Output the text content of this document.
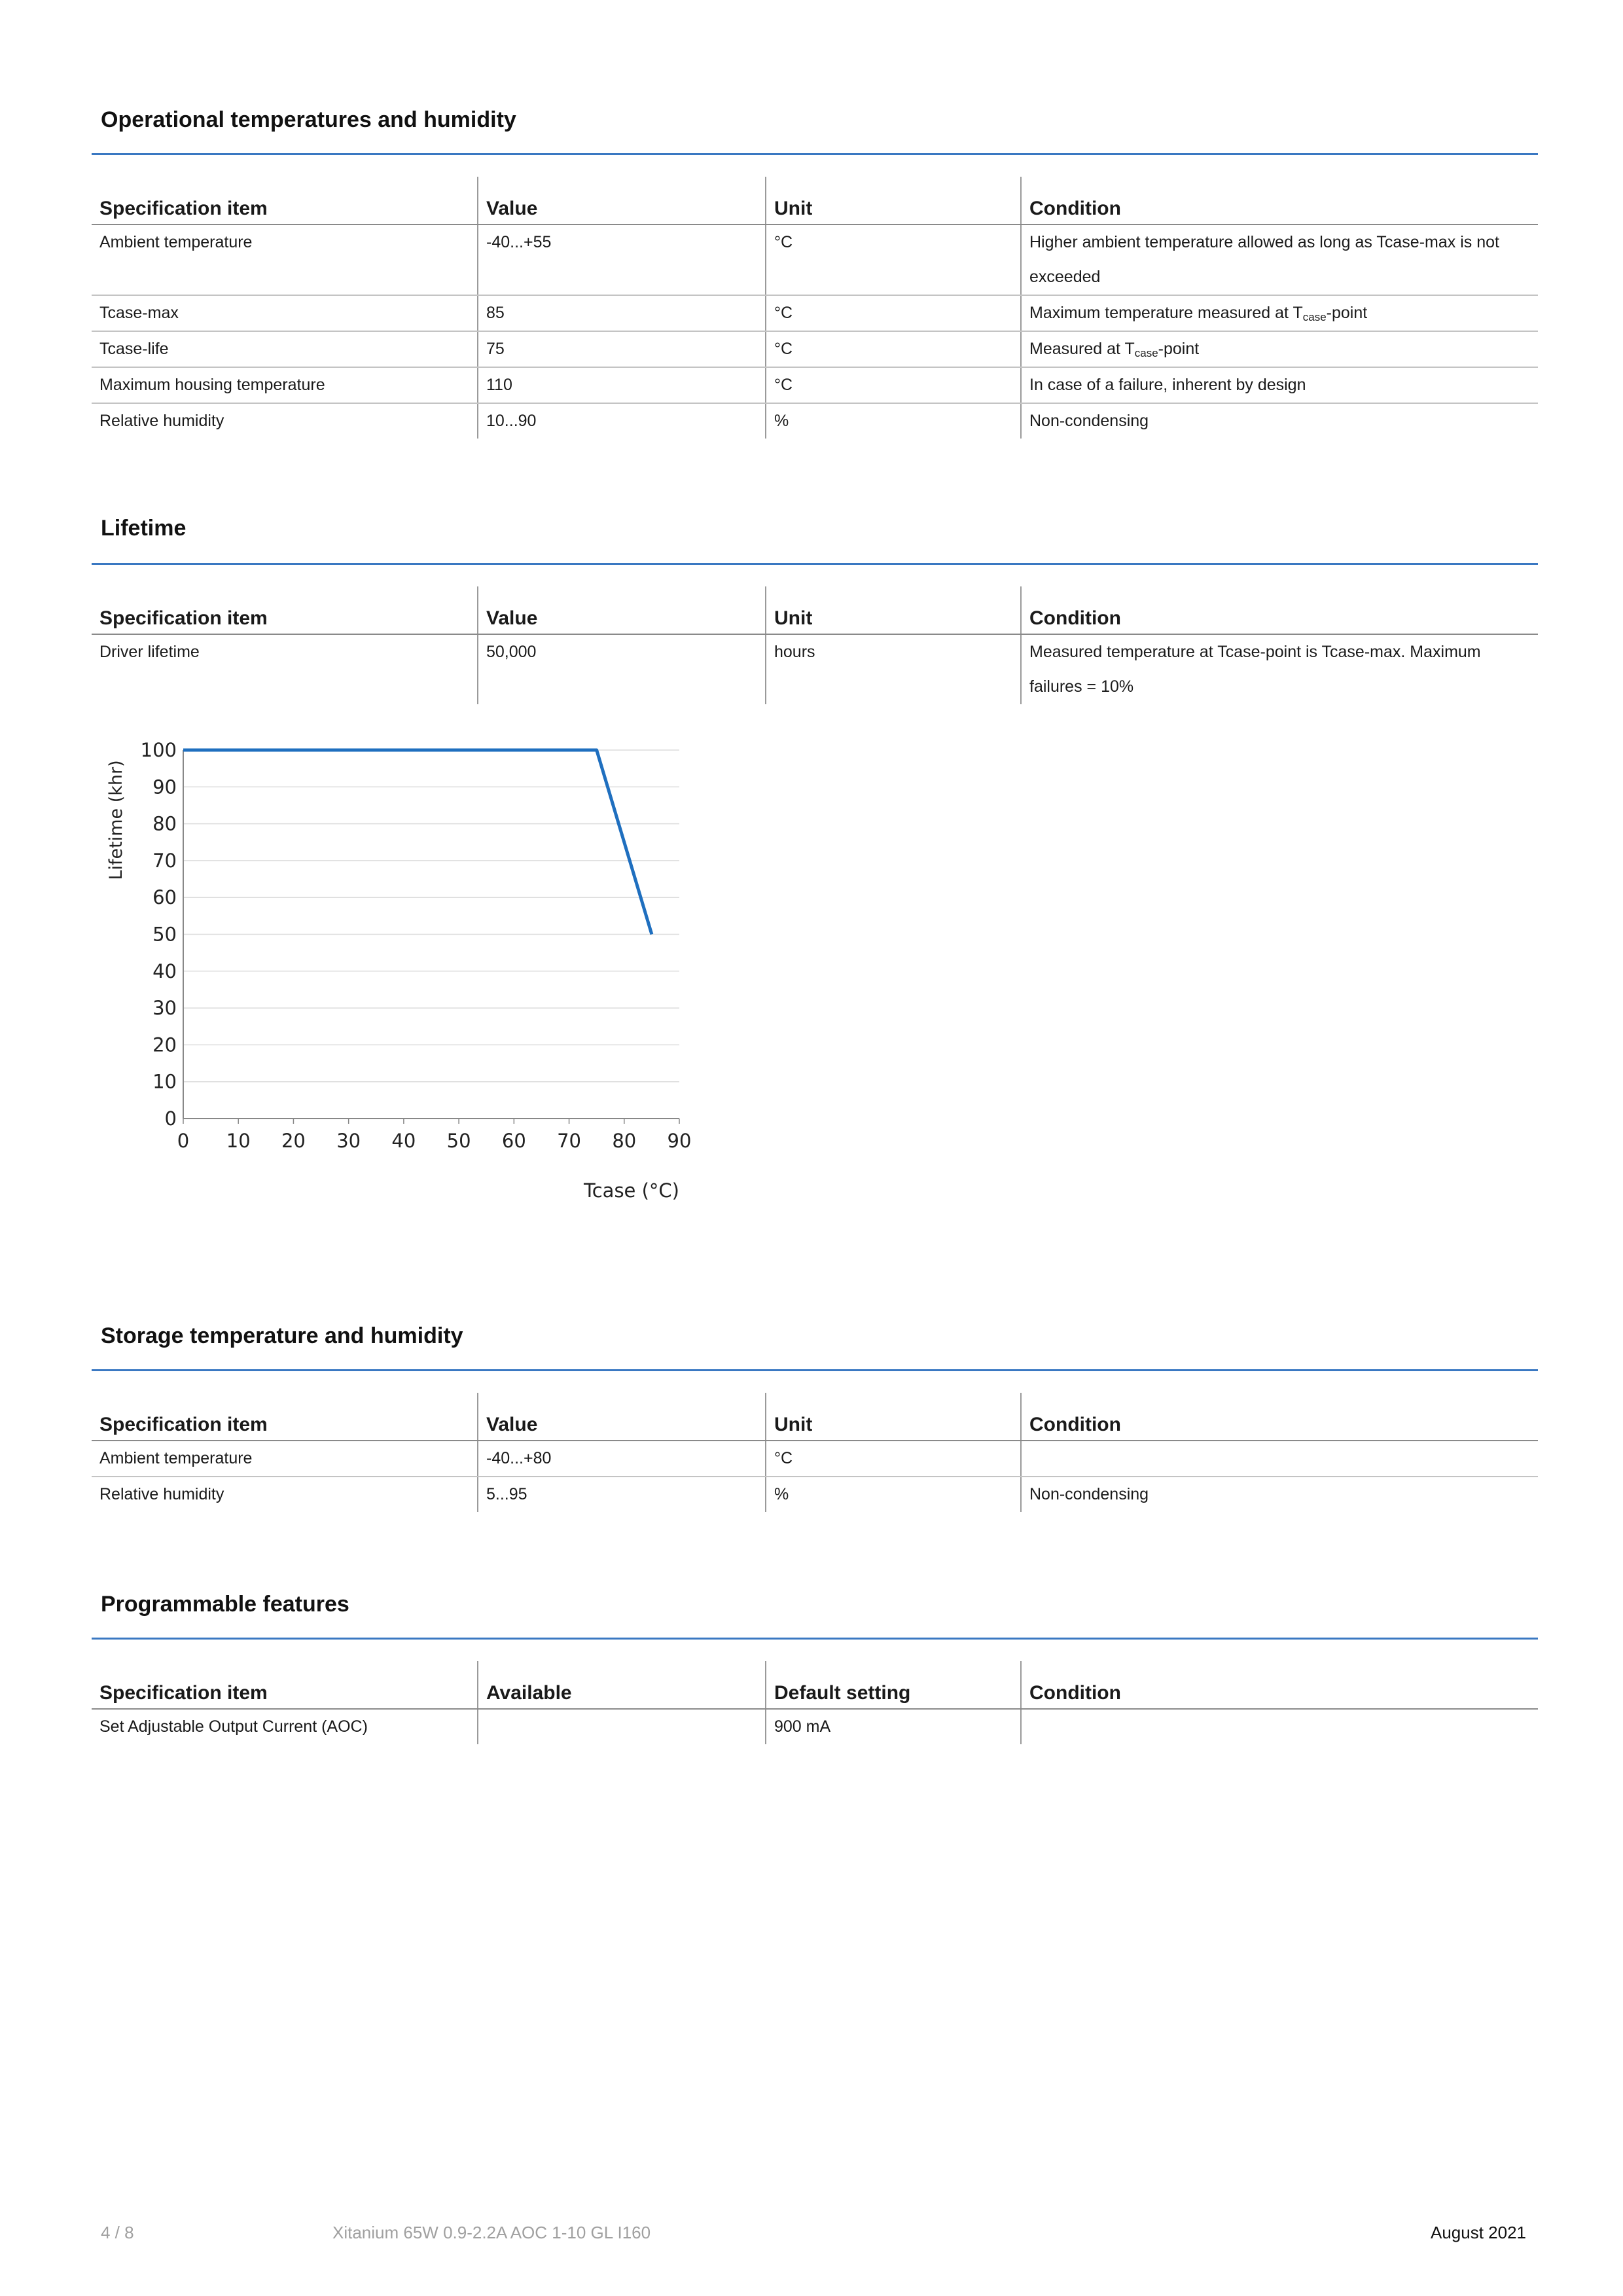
Operational temperatures and humidity
Specification item	Value	Unit	Condition
Ambient temperature	-40...+55	°C	Higher ambient temperature allowed as long as Tcase-max is not exceeded
Tcase-max	85	°C	Maximum temperature measured at $T_{case}$-point
Tcase-life	75	°C	Measured at $T_{case}$-point
Maximum housing temperature	110	°C	In case of a failure, inherent by design
Relative humidity	10...90	%	Non-condensing
Lifetime
Specification item	Value	Unit	Condition
Driver lifetime	50,000	hours	Measured temperature at Tcase-point is Tcase-max. Maximum failures = 10%
0
10
20
30
40
50
60
70
80
90
100
0 10 20 30 40 50 60 70 80 90
Tcase (°C)
Lifetime (khr)
Storage temperature and humidity
Specification item	Value	Unit	Condition
Ambient temperature	-40...+80	°C	
Relative humidity	5...95	%	Non-condensing
Programmable features
Specification item	Available	Default setting	Condition
Set Adjustable Output Current (AOC)		900 mA	
4 / 8	Xitanium 65W 0.9-2.2A AOC 1-10 GL I160	August 2021
